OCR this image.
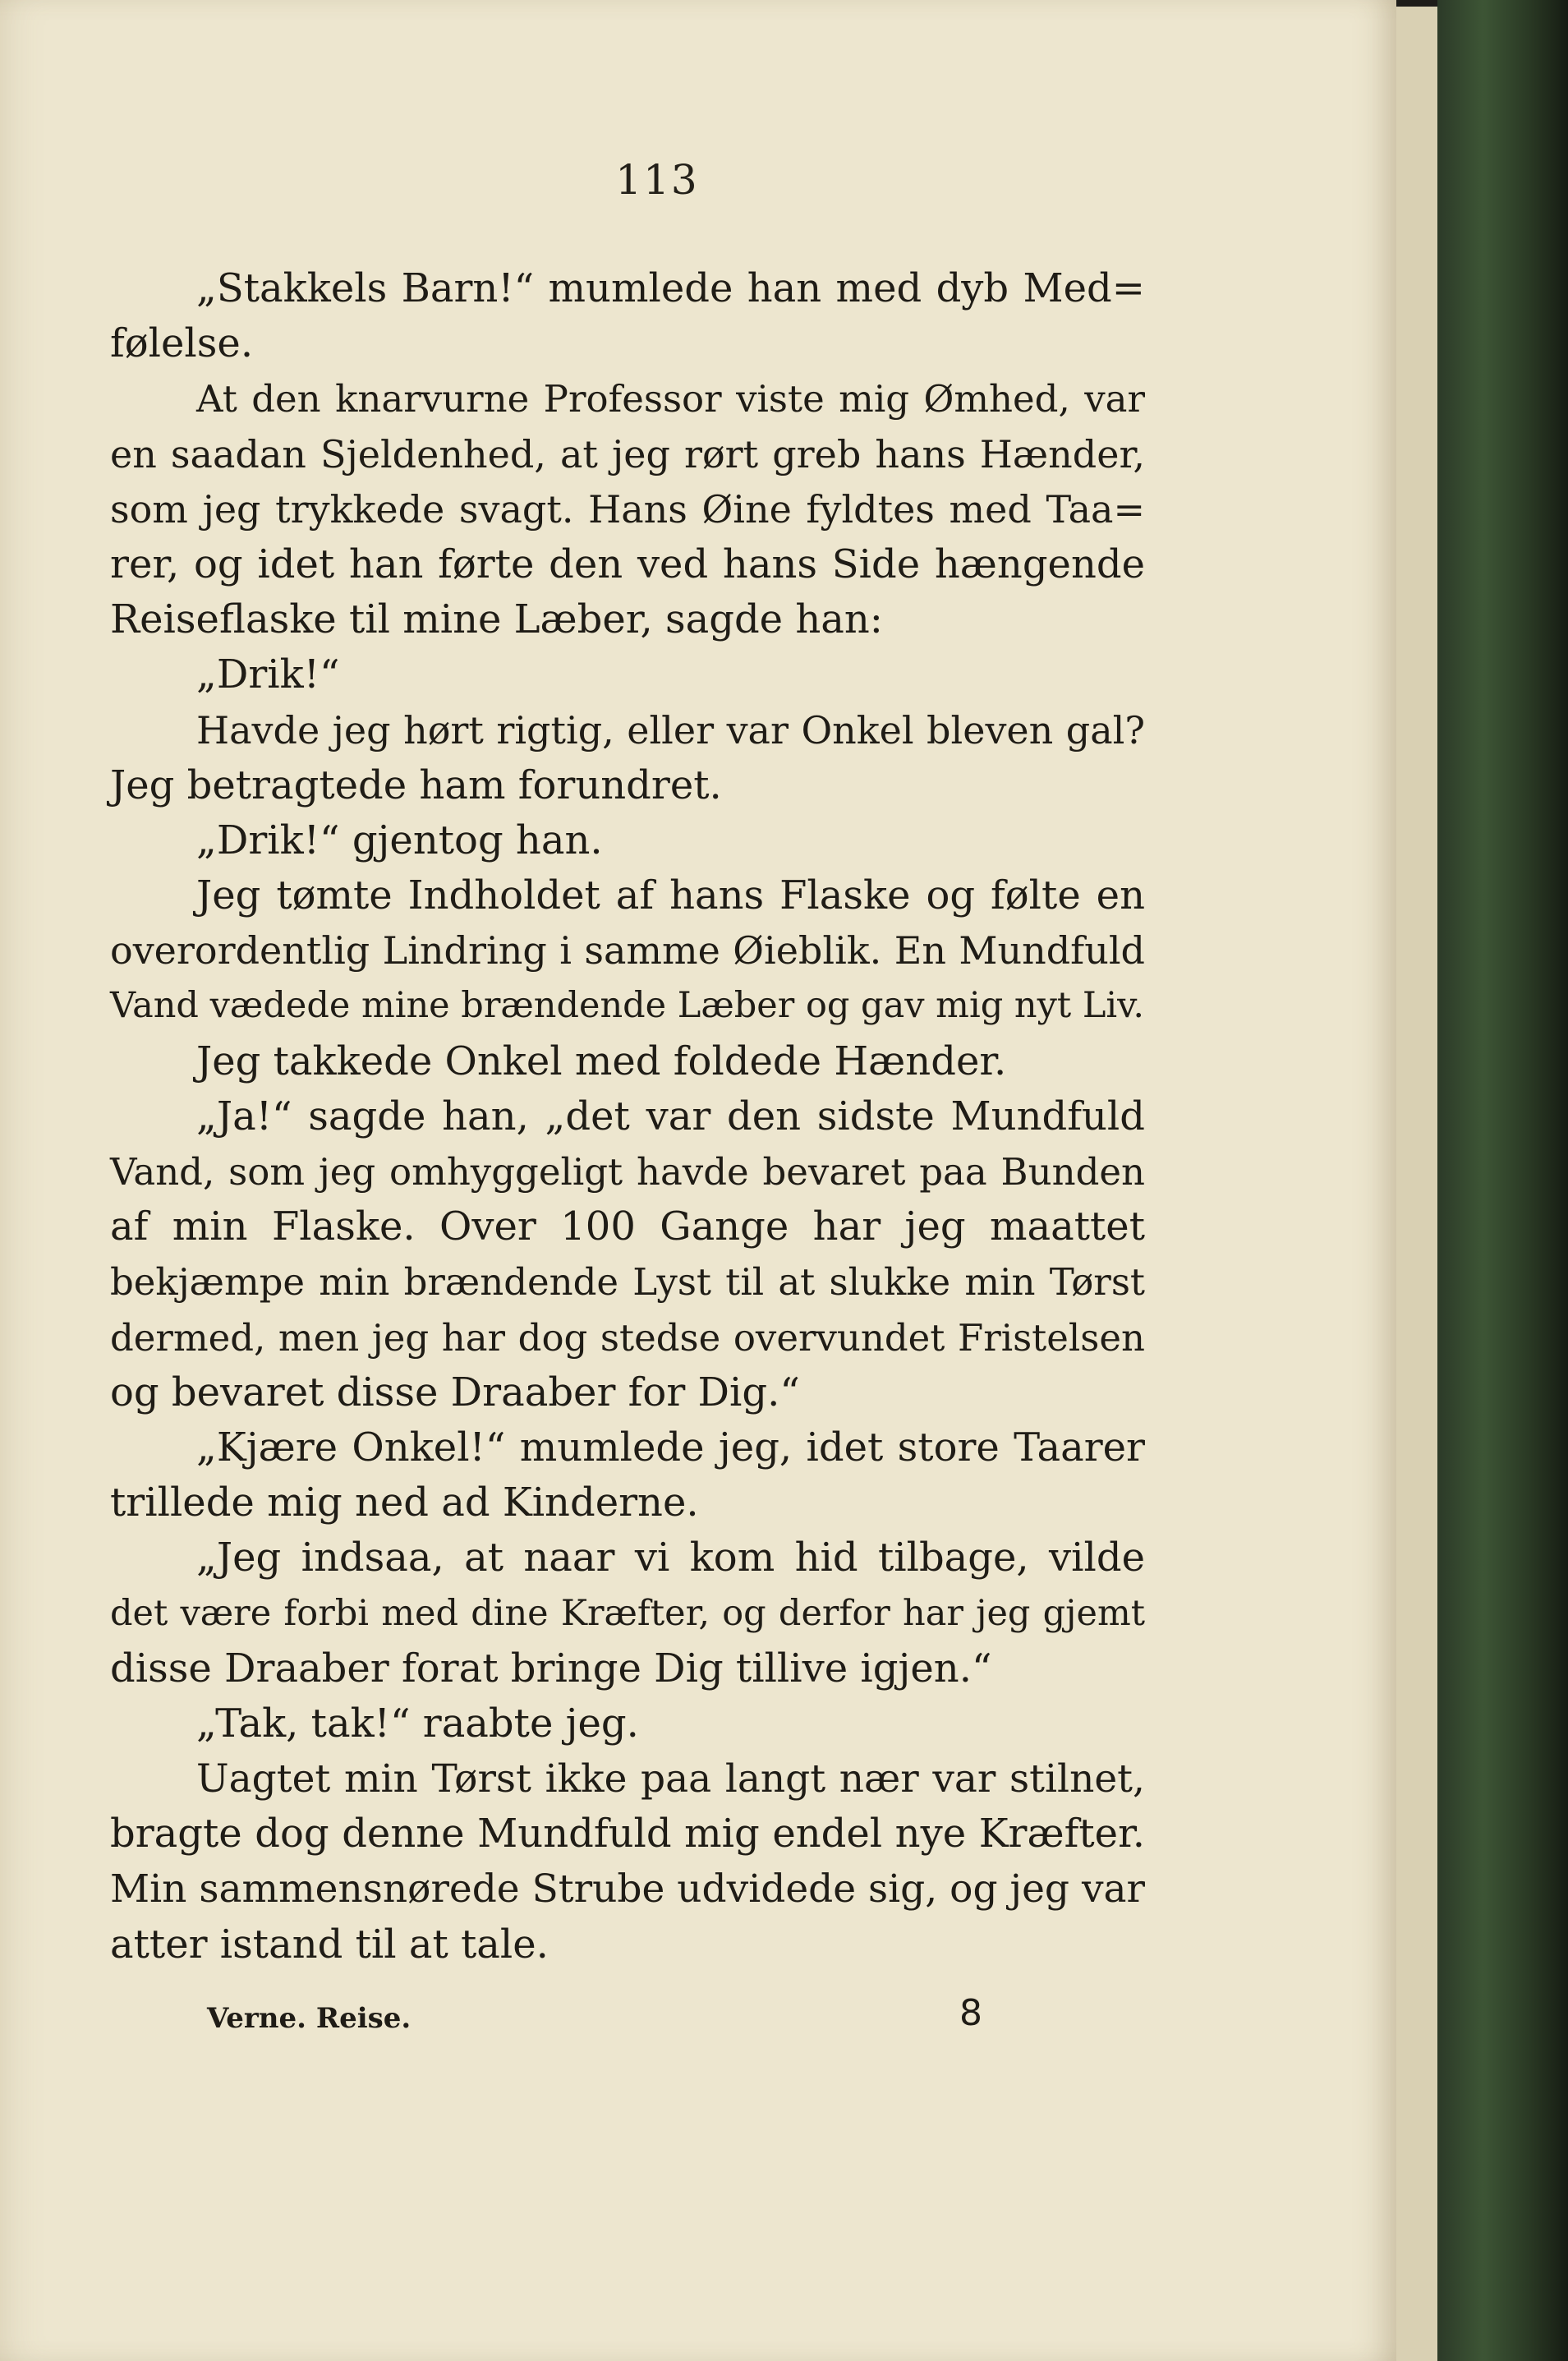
113
„Stakkels Barn!“ mumlede han med dyb Med=
følelse.
At den knarvurne Professor viste mig Ømhed, var
en saadan Sjeldenhed, at jeg rørt greb hans Hænder,
som jeg trykkede svagt. Hans Øine fyldtes med Taa=
rer, og idet han førte den ved hans Side hængende
Reiseflaske til mine Læber, sagde han:
„Drik!“
Havde jeg hørt rigtig, eller var Onkel bleven gal?
Jeg betragtede ham forundret.
„Drik!“ gjentog han.
Jeg tømte Indholdet af hans Flaske og følte en
overordentlig Lindring i samme Øieblik. En Mundfuld
Vand vædede mine brændende Læber og gav mig nyt Liv.
Jeg takkede Onkel med foldede Hænder.
„Ja!“ sagde han, „det var den sidste Mundfuld
Vand, som jeg omhyggeligt havde bevaret paa Bunden
af min Flaske. Over 100 Gange har jeg maattet
bekjæmpe min brændende Lyst til at slukke min Tørst
dermed, men jeg har dog stedse overvundet Fristelsen
og bevaret disse Draaber for Dig.“
„Kjære Onkel!“ mumlede jeg, idet store Taarer
trillede mig ned ad Kinderne.
„Jeg indsaa, at naar vi kom hid tilbage, vilde
det være forbi med dine Kræfter, og derfor har jeg gjemt
disse Draaber forat bringe Dig tillive igjen.“
„Tak, tak!“ raabte jeg.
Uagtet min Tørst ikke paa langt nær var stilnet,
bragte dog denne Mundfuld mig endel nye Kræfter.
Min sammensnørede Strube udvidede sig, og jeg var
atter istand til at tale.
Verne. Reise.	8
